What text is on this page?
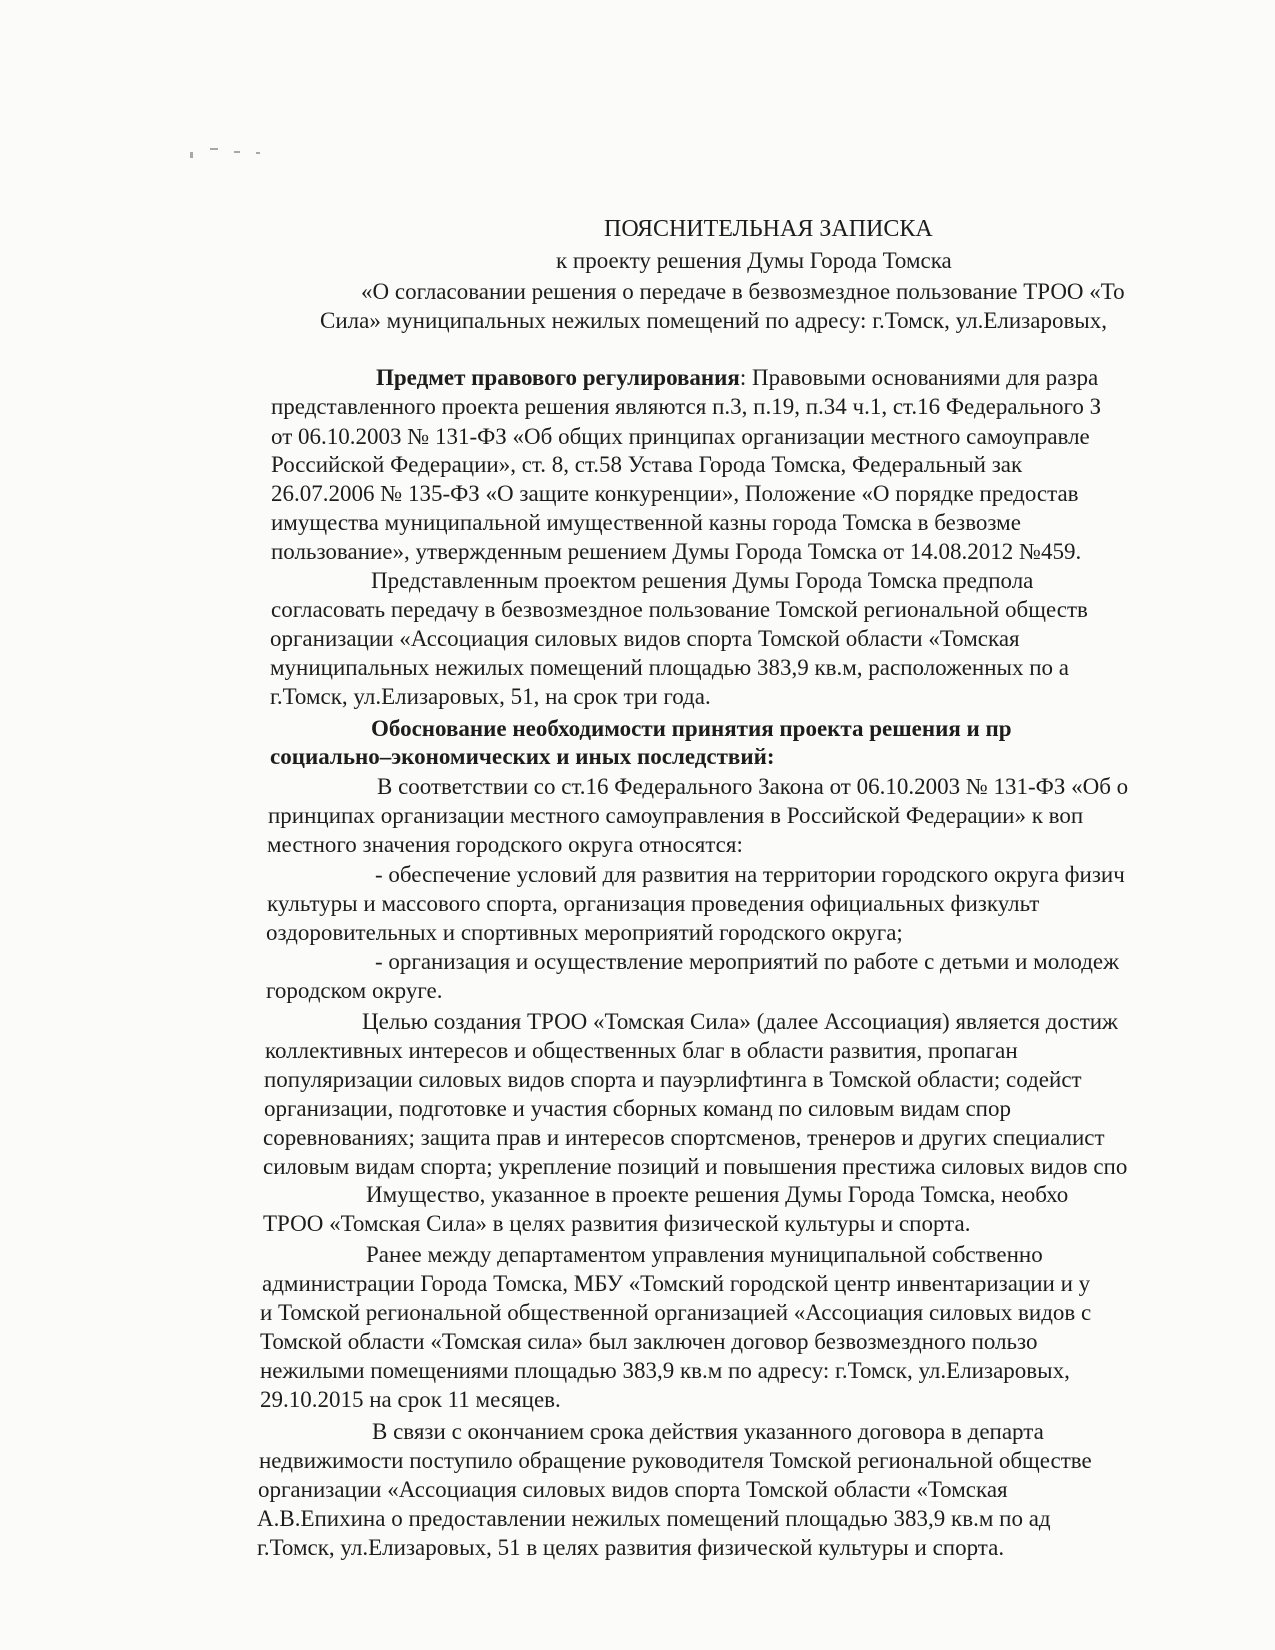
ПОЯСНИТЕЛЬНАЯ ЗАПИСКА
к проекту решения Думы Города Томска
«О согласовании решения о передаче в безвозмездное пользование ТРОО «То
Сила» муниципальных нежилых помещений по адресу: г.Томск, ул.Елизаровых,
Предмет правового регулирования: Правовыми основаниями для разра
представленного проекта решения являются п.3, п.19, п.34 ч.1, ст.16 Федерального З
от 06.10.2003 № 131-ФЗ «Об общих принципах организации местного самоуправле
Российской Федерации», ст. 8, ст.58 Устава Города Томска, Федеральный зак
26.07.2006 № 135-ФЗ «О защите конкуренции», Положение «О порядке предостав
имущества муниципальной имущественной казны города Томска в безвозме
пользование», утвержденным решением Думы Города Томска от 14.08.2012 №459.
Представленным проектом решения Думы Города Томска предпола
согласовать передачу в безвозмездное пользование Томской региональной обществ
организации «Ассоциация силовых видов спорта Томской области «Томская
муниципальных нежилых помещений площадью 383,9 кв.м, расположенных по а
г.Томск, ул.Елизаровых, 51, на срок три года.
Обоснование необходимости принятия проекта решения и пр
социально–экономических и иных последствий:
В соответствии со ст.16 Федерального Закона от 06.10.2003 № 131-ФЗ «Об о
принципах организации местного самоуправления в Российской Федерации» к воп
местного значения городского округа относятся:
- обеспечение условий для развития на территории городского округа физич
культуры и массового спорта, организация проведения официальных физкульт
оздоровительных и спортивных мероприятий городского округа;
- организация и осуществление мероприятий по работе с детьми и молодеж
городском округе.
Целью создания ТРОО «Томская Сила» (далее Ассоциация) является достиж
коллективных интересов и общественных благ в области развития, пропаган
популяризации силовых видов спорта и пауэрлифтинга в Томской области; содейст
организации, подготовке и участия сборных команд по силовым видам спор
соревнованиях; защита прав и интересов спортсменов, тренеров и других специалист
силовым видам спорта; укрепление позиций и повышения престижа силовых видов спо
Имущество, указанное в проекте решения Думы Города Томска, необхо
ТРОО «Томская Сила» в целях развития физической культуры и спорта.
Ранее между департаментом управления муниципальной собственно
администрации Города Томска, МБУ «Томский городской центр инвентаризации и у
и Томской региональной общественной организацией «Ассоциация силовых видов с
Томской области «Томская сила» был заключен договор безвозмездного пользо
нежилыми помещениями площадью 383,9 кв.м по адресу: г.Томск, ул.Елизаровых,
29.10.2015 на срок 11 месяцев.
В связи с окончанием срока действия указанного договора в департа
недвижимости поступило обращение руководителя Томской региональной обществе
организации «Ассоциация силовых видов спорта Томской области «Томская
А.В.Епихина о предоставлении нежилых помещений площадью 383,9 кв.м по ад
г.Томск, ул.Елизаровых, 51 в целях развития физической культуры и спорта.
